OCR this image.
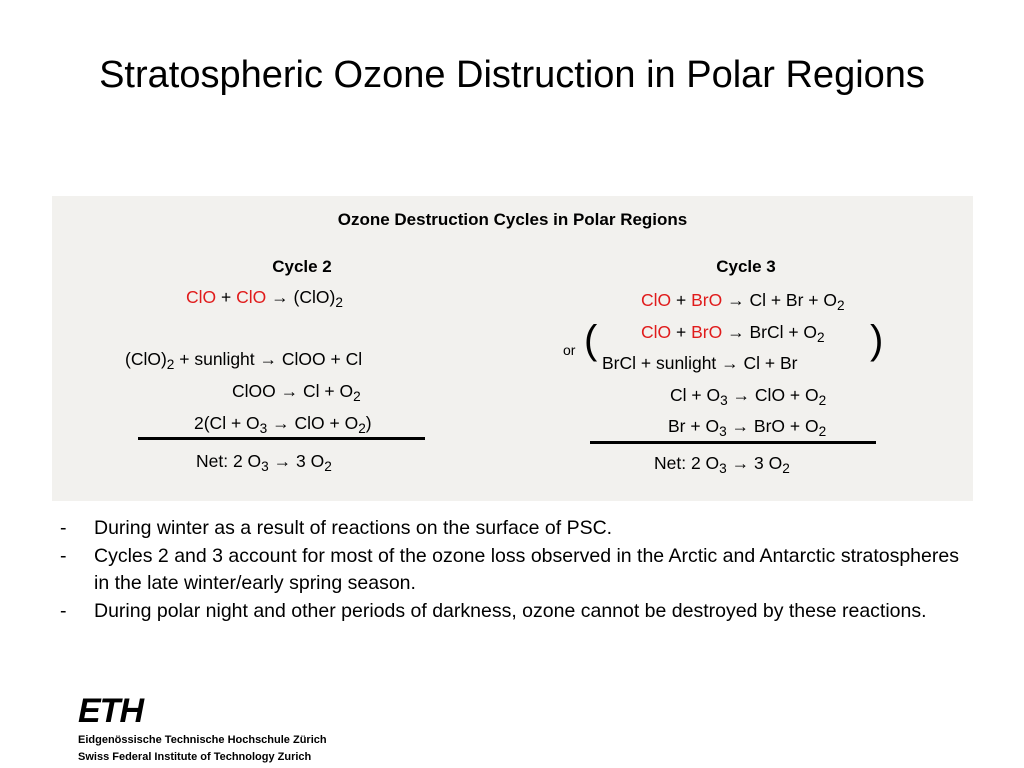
Stratospheric Ozone Distruction in Polar Regions
Ozone Destruction Cycles in Polar Regions
Cycle 2
ClO + ClO → $(ClO)_2$
$(ClO)_2$ + sunlight → ClOO + Cl
ClOO → $Cl + O_2$
$2(Cl + O_3$ → ClO + $O_2$)
Net: 2 $O_3 \to 3$ $O_2$
Cycle 3
ClO + BrO → $Cl + Br + O_2$
or (	)
ClO + BrO → BrCl + $O_2$
BrCl + sunlight → Cl + Br
$Cl + O_3$ → ClO + $O_2$
$Br + O_3$ → BrO + $O_2$
Net: 2 $O_3 \to 3$ $O_2$
- During winter as a result of reactions on the surface of PSC.
- Cycles 2 and 3 account for most of the ozone loss observed in the Arctic and Antarctic stratospheres in the late winter/early spring season.
- During polar night and other periods of darkness, ozone cannot be destroyed by these reactions.
ETH
Eidgenössische Technische Hochschule Zürich
Swiss Federal Institute of Technology Zurich
